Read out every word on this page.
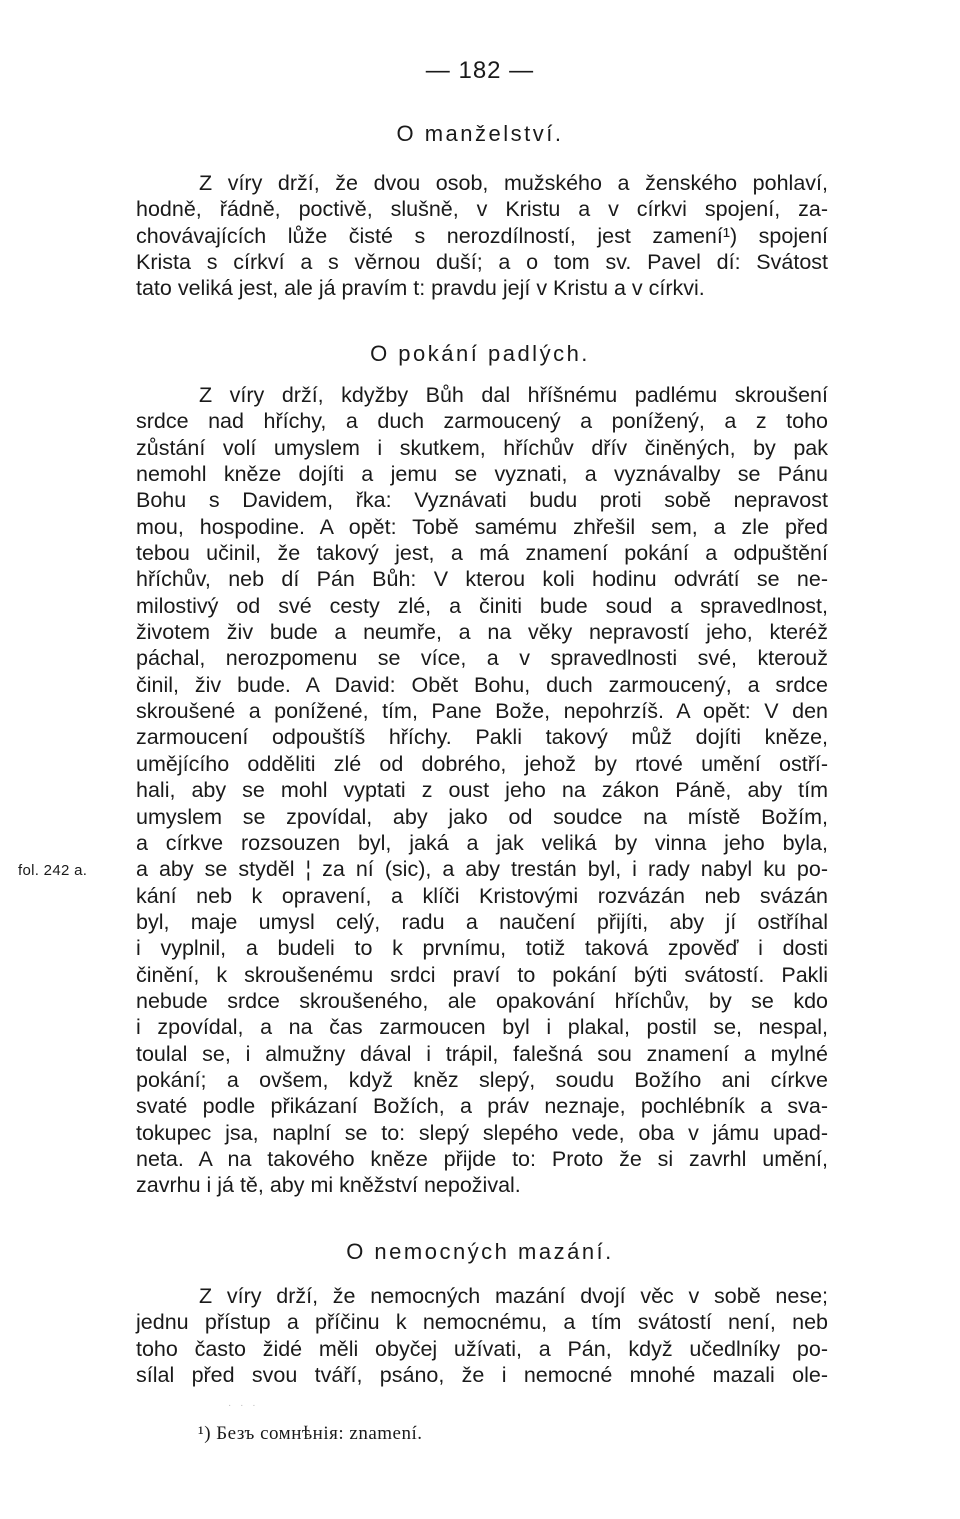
— 182 —
O manželství.
Z víry drží, že dvou osob, mužského a ženského pohlaví,
hodně, řádně, poctivě, slušně, v Kristu a v církvi spojení, za-
chovávajících lůže čisté s nerozdílností, jest zamení¹) spojení
Krista s církví a s věrnou duší; a o tom sv. Pavel dí: Svátost
tato veliká jest, ale já pravím t: pravdu její v Kristu a v církvi.
O pokání padlých.
Z víry drží, kdyžby Bůh dal hříšnému padlému skroušení
srdce nad hříchy, a duch zarmoucený a ponížený, a z toho
zůstání volí umyslem i skutkem, hříchův dřív činěných, by pak
nemohl kněze dojíti a jemu se vyznati, a vyznávalby se Pánu
Bohu s Davidem, řka: Vyznávati budu proti sobě nepravost
mou, hospodine. A opět: Tobě samému zhřešil sem, a zle před
tebou učinil, že takový jest, a má znamení pokání a odpuštění
hříchův, neb dí Pán Bůh: V kterou koli hodinu odvrátí se ne-
milostivý od své cesty zlé, a činiti bude soud a spravedlnost,
životem živ bude a neumře, a na věky nepravostí jeho, kteréž
páchal, nerozpomenu se více, a v spravedlnosti své, kterouž
činil, živ bude. A David: Obět Bohu, duch zarmoucený, a srdce
skroušené a ponížené, tím, Pane Bože, nepohrzíš. A opět: V den
zarmoucení odpouštíš hříchy. Pakli takový můž dojíti kněze,
umějícího odděliti zlé od dobrého, jehož by rtové umění ostří-
hali, aby se mohl vyptati z oust jeho na zákon Páně, aby tím
umyslem se zpovídal, aby jako od soudce na místě Božím,
a církve rozsouzen byl, jaká a jak veliká by vinna jeho byla,
a aby se styděl ¦ za ní (sic), a aby trestán byl, i rady nabyl ku po-
kání neb k opravení, a klíči Kristovými rozvázán neb svázán
byl, maje umysl celý, radu a naučení přijíti, aby jí ostříhal
i vyplnil, a budeli to k prvnímu, totiž taková zpověď i dosti
činění, k skroušenému srdci praví to pokání býti svátostí. Pakli
nebude srdce skroušeného, ale opakování hříchův, by se kdo
i zpovídal, a na čas zarmoucen byl i plakal, postil se, nespal,
toulal se, i almužny dával i trápil, falešná sou znamení a mylné
pokání; a ovšem, když kněz slepý, soudu Božího ani církve
svaté podle přikázaní Božích, a práv neznaje, pochlébník a sva-
tokupec jsa, naplní se to: slepý slepého vede, oba v jámu upad-
neta. A na takového kněze přijde to: Proto že si zavrhl umění,
zavrhu i já tě, aby mi kněžství nepožival.
fol. 242 a.
O nemocných mazání.
Z víry drží, že nemocných mazání dvojí věc v sobě nese;
jednu přístup a příčinu k nemocnému, a tím svátostí není, neb
toho často židé měli obyčej užívati, a Pán, když učedlníky po-
sílal před svou tváří, psáno, že i nemocné mnohé mazali ole-
· · ·
¹) Безъ сомнѣнія: znamení.
